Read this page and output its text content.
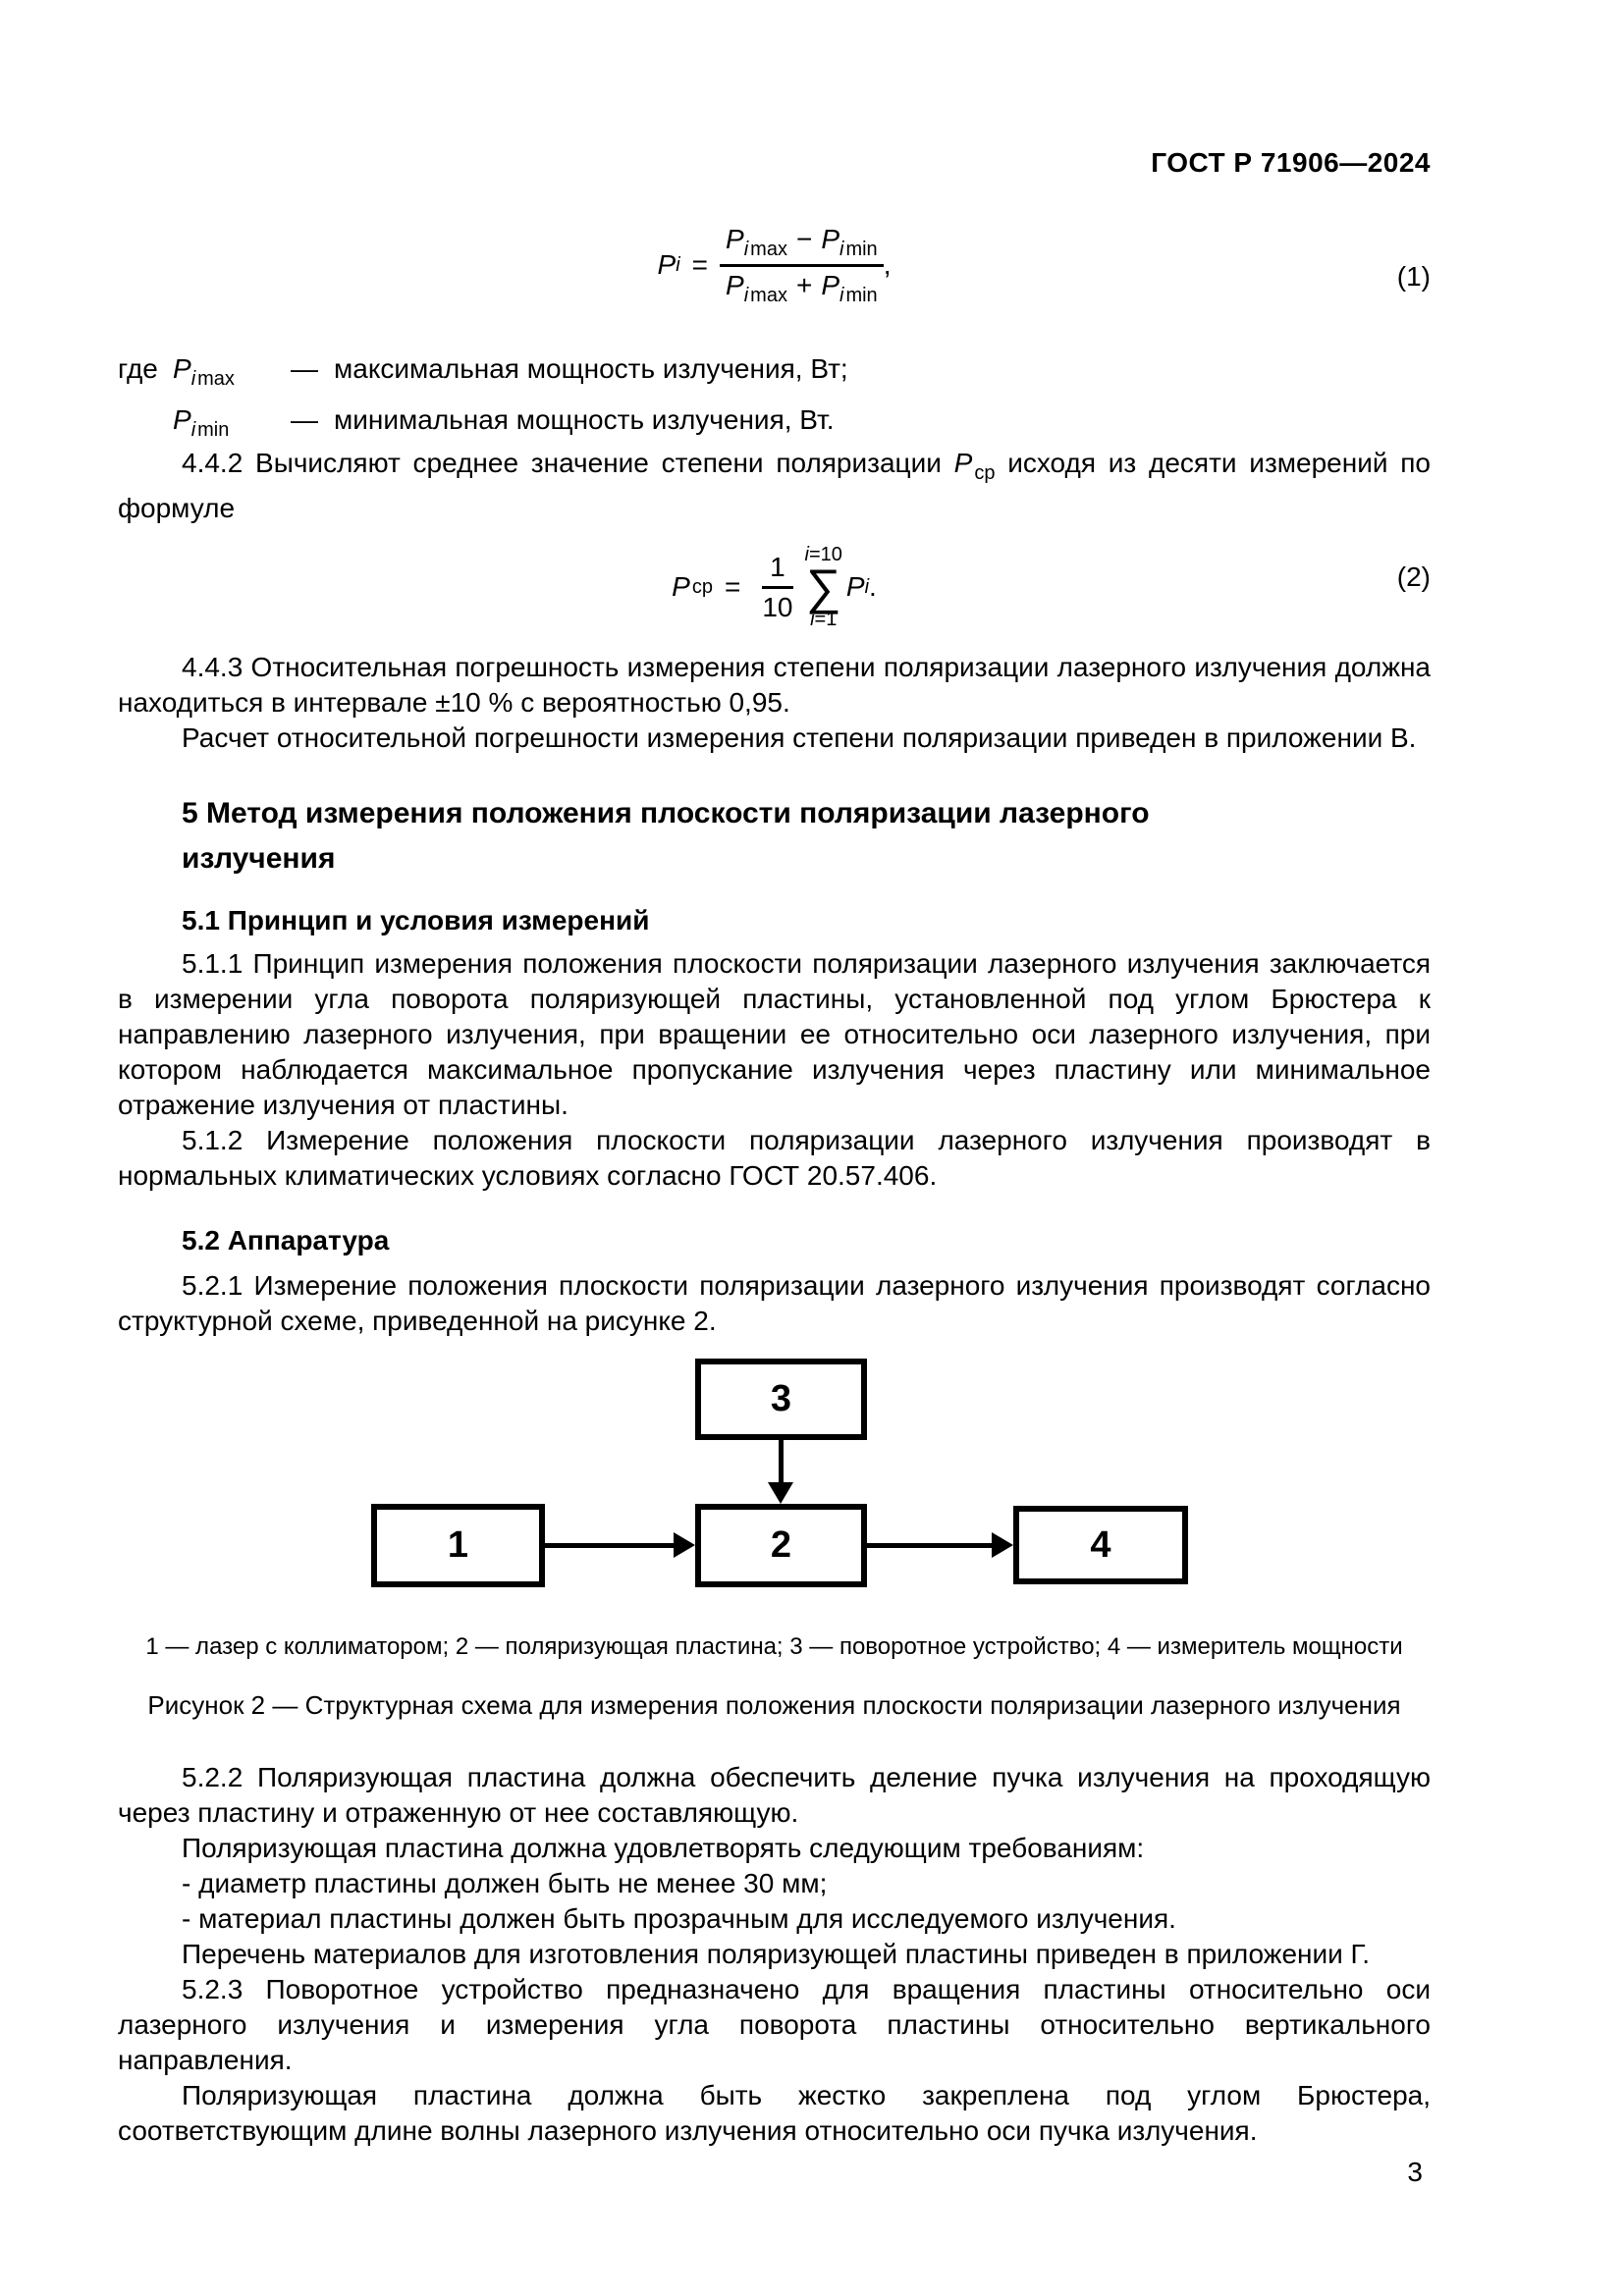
ГОСТ Р 71906—2024
P $i = \frac{P_{i max} - P_{i min}}{P_{i max} + P_{i min}}$ ,	(1)
где $P_{i max}$ — максимальная мощность излучения, Вт;
$P_{i min}$ — минимальная мощность излучения, Вт.

4.4.2 Вычисляют среднее значение степени поляризации P $_{ср}$ исходя из десяти измерений по формуле

P ср = $\frac{1}{10} i=10$
∑
i=1
P i .	(2)

4.4.3 Относительная погрешность измерения степени поляризации лазерного излучения должна находиться в интервале ±10 % с вероятностью 0,95.

Расчет относительной погрешности измерения степени поляризации приведен в приложении В.

5 Метод измерения положения плоскости поляризации лазерного излучения
5.1 Принцип и условия измерений

5.1.1 Принцип измерения положения плоскости поляризации лазерного излучения заключается в измерении угла поворота поляризующей пластины, установленной под углом Брюстера к направлению лазерного излучения, при вращении ее относительно оси лазерного излучения, при котором наблюдается максимальное пропускание излучения через пластину или минимальное отражение излучения от пластины.

5.1.2 Измерение положения плоскости поляризации лазерного излучения производят в нормальных климатических условиях согласно ГОСТ 20.57.406.

5.2 Аппаратура

5.2.1 Измерение положения плоскости поляризации лазерного излучения производят согласно структурной схеме, приведенной на рисунке 2.

3
1	2	4
1 — лазер с коллиматором; 2 — поляризующая пластина; 3 — поворотное устройство; 4 — измеритель мощности
Рисунок 2 — Структурная схема для измерения положения плоскости поляризации лазерного излучения

5.2.2 Поляризующая пластина должна обеспечить деление пучка излучения на проходящую через пластину и отраженную от нее составляющую.

Поляризующая пластина должна удовлетворять следующим требованиям:

- диаметр пластины должен быть не менее 30 мм;

- материал пластины должен быть прозрачным для исследуемого излучения.

Перечень материалов для изготовления поляризующей пластины приведен в приложении Г.

5.2.3 Поворотное устройство предназначено для вращения пластины относительно оси лазерного излучения и измерения угла поворота пластины относительно вертикального направления.

Поляризующая пластина должна быть жестко закреплена под углом Брюстера, соответствующим длине волны лазерного излучения относительно оси пучка излучения.

3
